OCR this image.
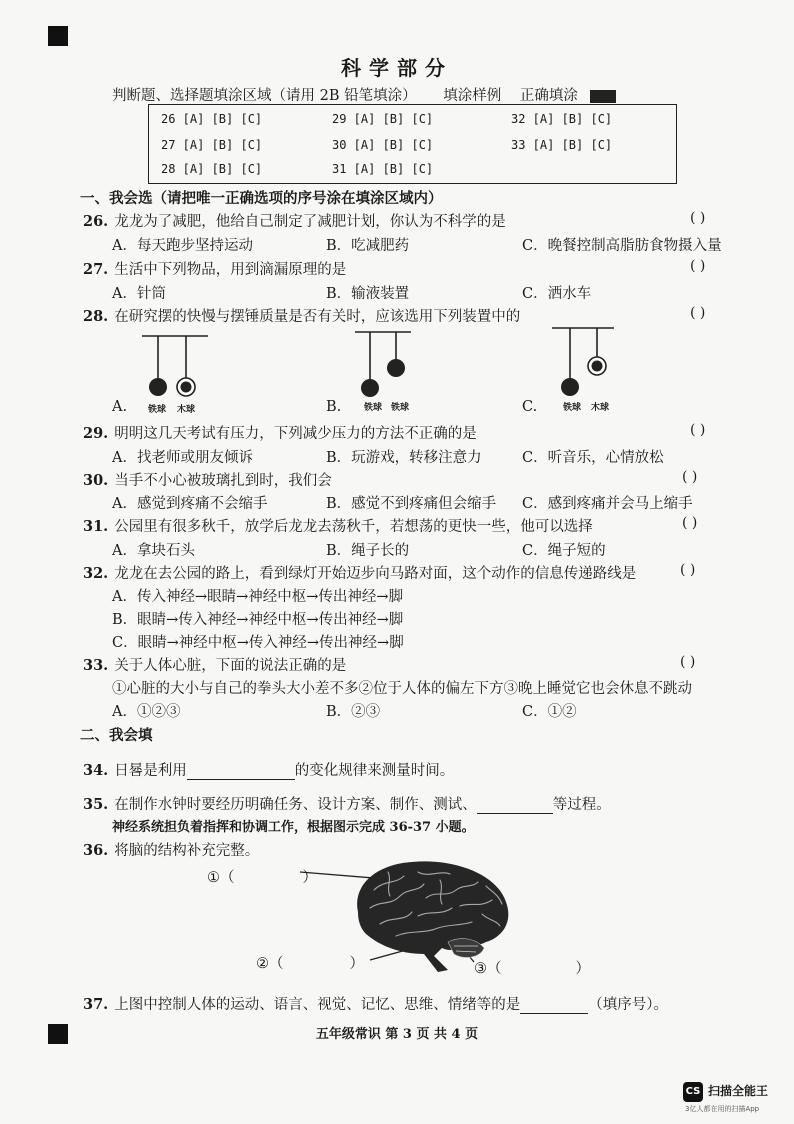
科学部分
判断题、选择题填涂区域（请用 2B 铅笔填涂） 填涂样例 正确填涂
26 [A] [B] [C]	29 [A] [B] [C]	32 [A] [B] [C]
27 [A] [B] [C]	30 [A] [B] [C]	33 [A] [B] [C]
28 [A] [B] [C]	31 [A] [B] [C]
一、我会选（请把唯一正确选项的序号涂在填涂区域内）
26. 龙龙为了减肥，他给自己制定了减肥计划，你认为不科学的是	( )
A．每天跑步坚持运动	B．吃减肥药	C．晚餐控制高脂肪食物摄入量
27. 生活中下列物品，用到滴漏原理的是	( )
A．针筒	B．输液装置	C．洒水车
28. 在研究摆的快慢与摆锤质量是否有关时，应该选用下列装置中的	( )
铁球 木球	铁球 铁球	铁球 木球
A.	B.	C.
29. 明明这几天考试有压力，下列减少压力的方法不正确的是	( )
A．找老师或朋友倾诉	B．玩游戏，转移注意力	C．听音乐，心情放松
30. 当手不小心被玻璃扎到时，我们会	( )
A．感觉到疼痛不会缩手	B．感觉不到疼痛但会缩手 C．感到疼痛并会马上缩手
31. 公园里有很多秋千，放学后龙龙去荡秋千，若想荡的更快一些，他可以选择	( )
A．拿块石头	B．绳子长的	C．绳子短的
32. 龙龙在去公园的路上，看到绿灯开始迈步向马路对面，这个动作的信息传递路线是	( )
A．传入神经→眼睛→神经中枢→传出神经→脚
B．眼睛→传入神经→神经中枢→传出神经→脚
C．眼睛→神经中枢→传入神经→传出神经→脚
33. 关于人体心脏，下面的说法正确的是	( )
①心脏的大小与自己的拳头大小差不多②位于人体的偏左下方③晚上睡觉它也会休息不跳动
A．①②③	B．②③	C．①②
二、我会填
34. 日晷是利用	的变化规律来测量时间。
35. 在制作水钟时要经历明确任务、设计方案、制作、测试、	等过程。
神经系统担负着指挥和协调工作，根据图示完成 36-37 小题。
36. 将脑的结构补充完整。
①（	）
②（	）	③（	）
37. 上图中控制人体的运动、语言、视觉、记忆、思维、情绪等的是	（填序号）。
五年级常识 第 3 页 共 4 页
CS 扫描全能王
3亿人都在用的扫描App
